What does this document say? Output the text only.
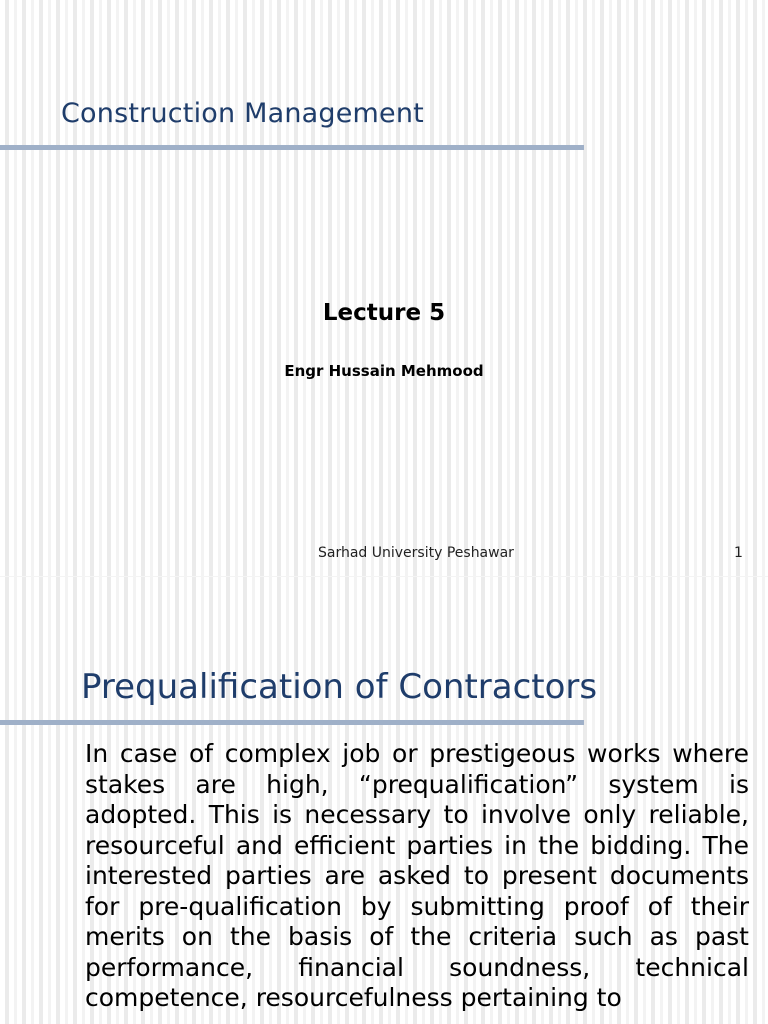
Construction Management
Lecture 5

Engr Hussain Mehmood

Sarhad University Peshawar	1
Prequalification of Contractors

In case of complex job or prestigeous works where stakes are high, “prequalification” system is adopted. This is necessary to involve only reliable, resourceful and efficient parties in the bidding. The interested parties are asked to present documents for pre-qualification by submitting proof of their merits on the basis of the criteria such as past performance, financial soundness, technical competence, resourcefulness pertaining to
